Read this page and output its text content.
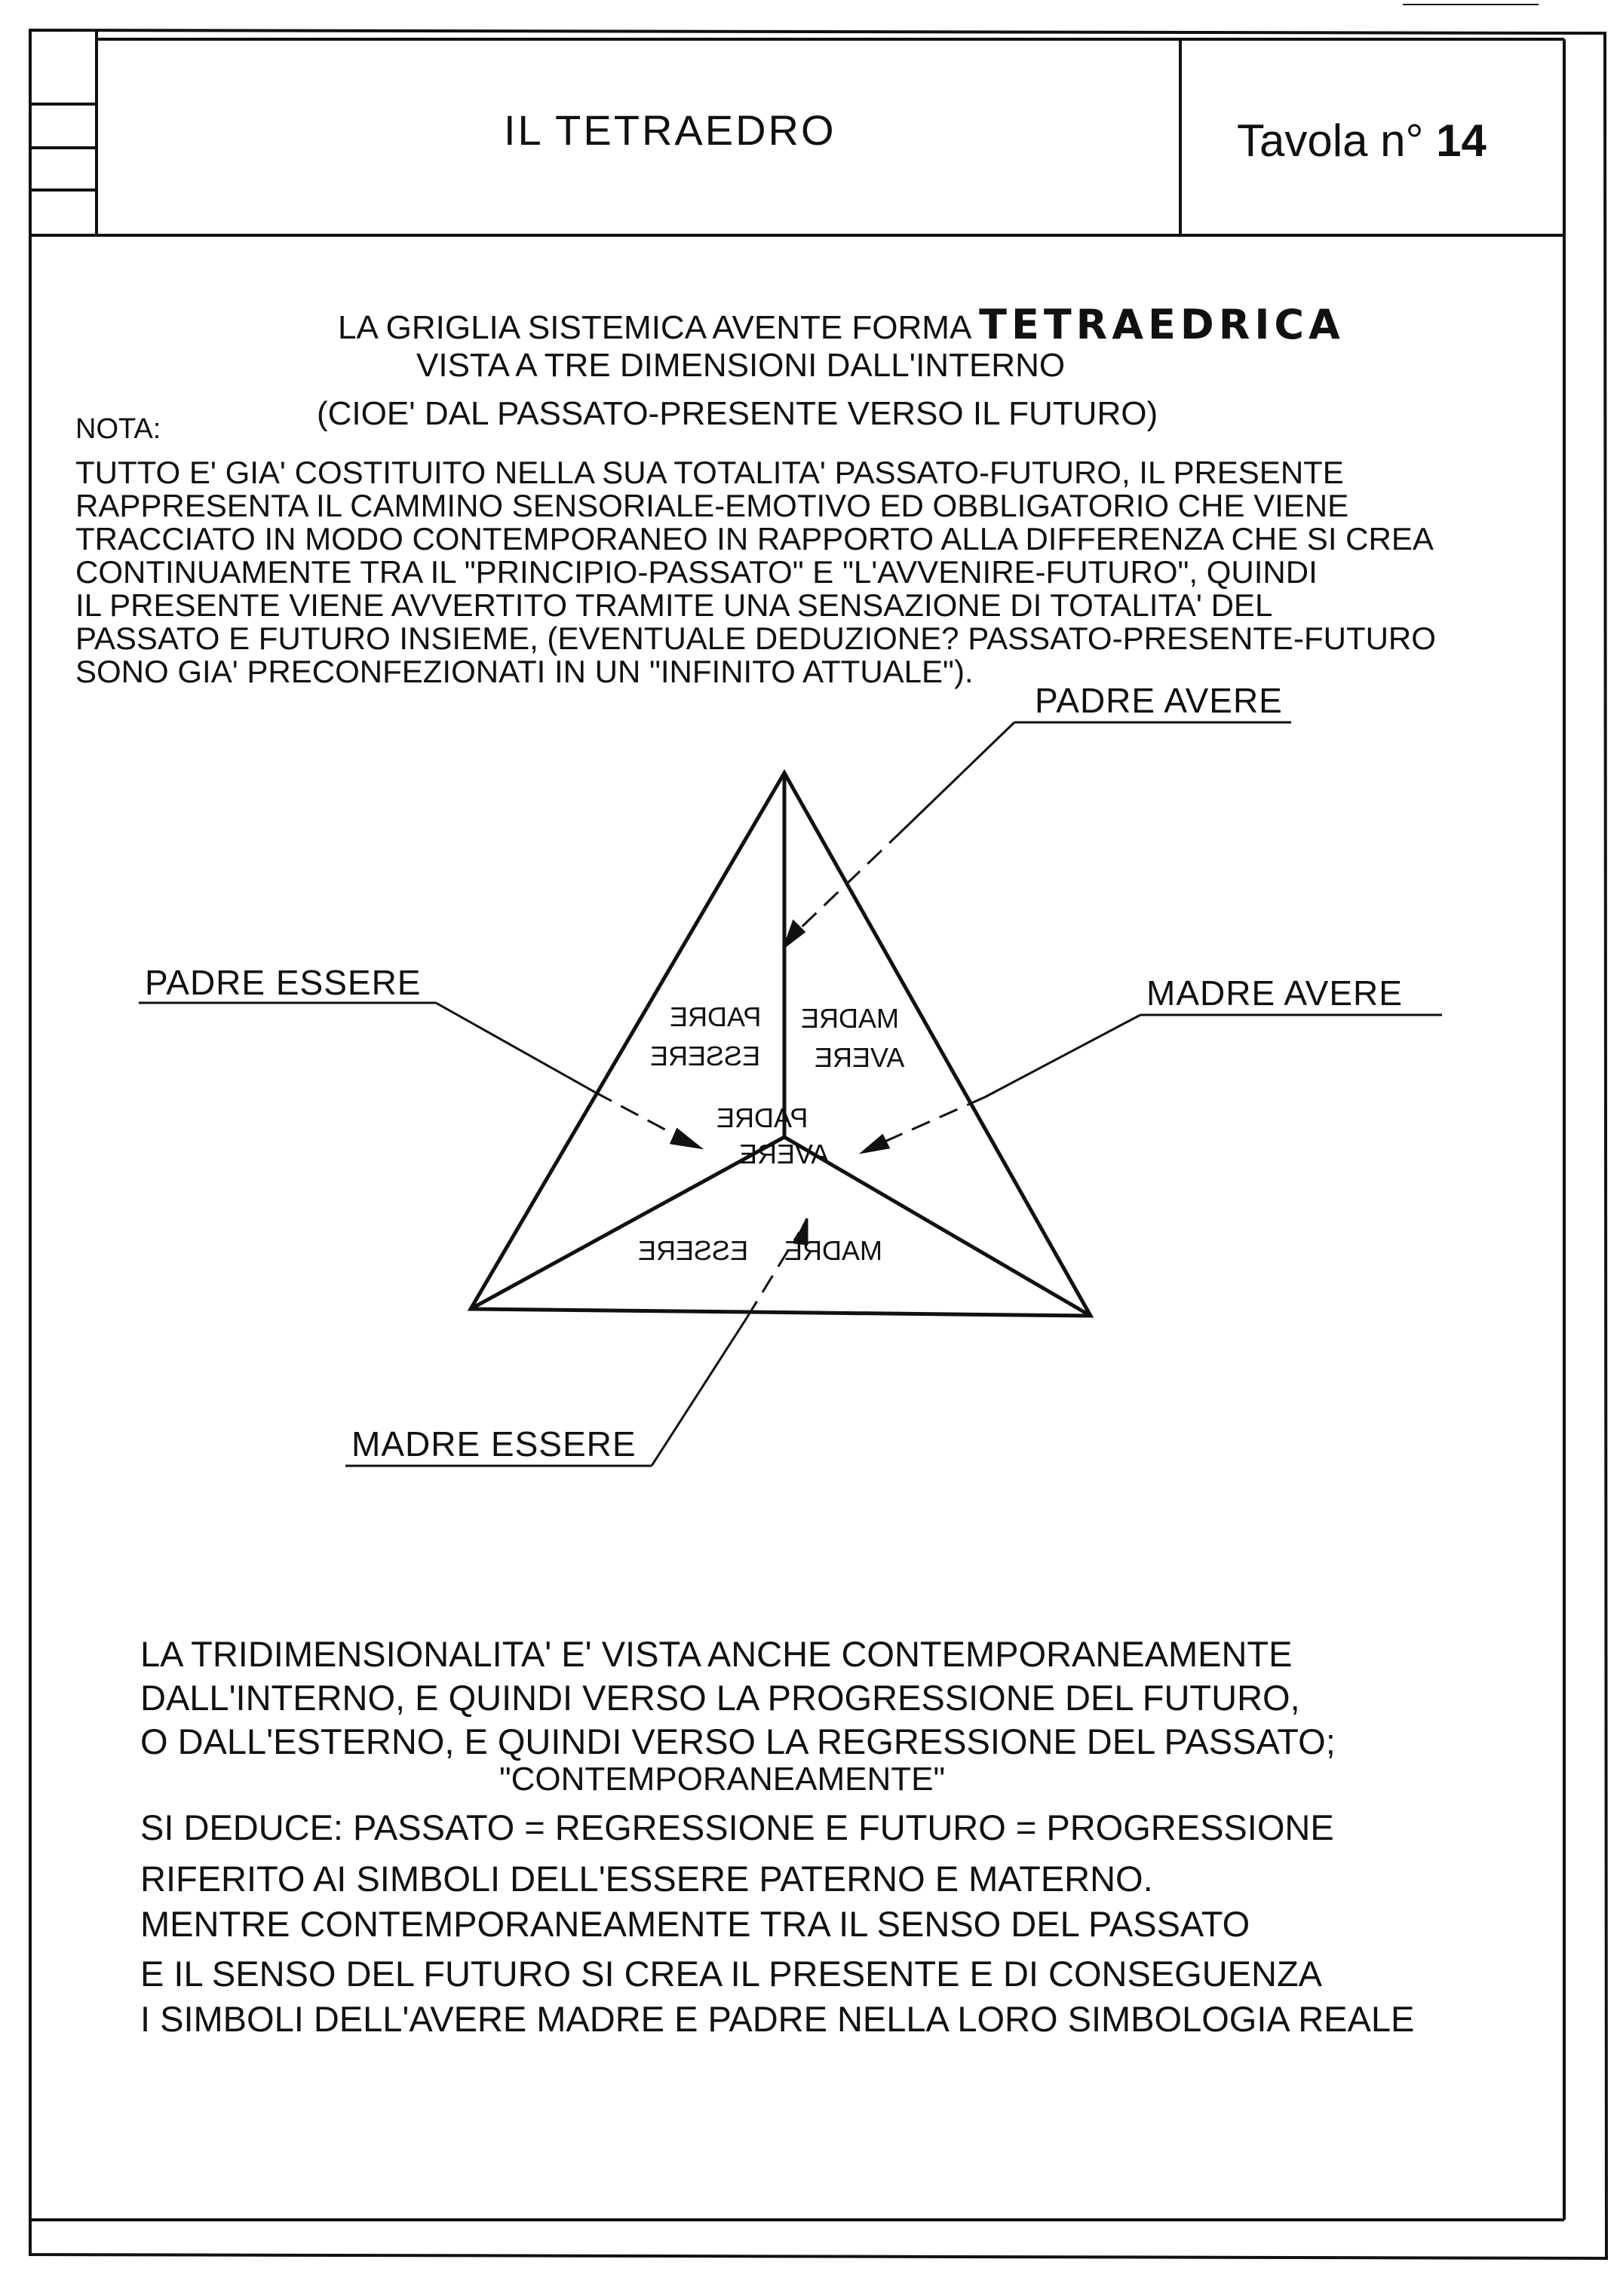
IL TETRAEDRO	Tavola n° 14
LA GRIGLIA SISTEMICA AVENTE FORMA TETRAEDRICA
VISTA A TRE DIMENSIONI DALL'INTERNO
NOTA:	(CIOE' DAL PASSATO-PRESENTE VERSO IL FUTURO)
TUTTO E' GIA' COSTITUITO NELLA SUA TOTALITA' PASSATO-FUTURO, IL PRESENTE
RAPPRESENTA IL CAMMINO SENSORIALE-EMOTIVO ED OBBLIGATORIO CHE VIENE
TRACCIATO IN MODO CONTEMPORANEO IN RAPPORTO ALLA DIFFERENZA CHE SI CREA
CONTINUAMENTE TRA IL "PRINCIPIO-PASSATO" E "L'AVVENIRE-FUTURO", QUINDI
IL PRESENTE VIENE AVVERTITO TRAMITE UNA SENSAZIONE DI TOTALITA' DEL
PASSATO E FUTURO INSIEME, (EVENTUALE DEDUZIONE? PASSATO-PRESENTE-FUTURO
SONO GIA' PRECONFEZIONATI IN UN "INFINITO ATTUALE").
PADRE AVERE
PADRE ESSERE	MADRE AVERE
MADRE ESSERE
PADRE
ESSERE
MADRE
AVERE
PADRE
AVERE
ESSERE MADRE
LA TRIDIMENSIONALITA' E' VISTA ANCHE CONTEMPORANEAMENTE
DALL'INTERNO, E QUINDI VERSO LA PROGRESSIONE DEL FUTURO,
O DALL'ESTERNO, E QUINDI VERSO LA REGRESSIONE DEL PASSATO;
"CONTEMPORANEAMENTE"
SI DEDUCE: PASSATO = REGRESSIONE E FUTURO = PROGRESSIONE
RIFERITO AI SIMBOLI DELL'ESSERE PATERNO E MATERNO.
MENTRE CONTEMPORANEAMENTE TRA IL SENSO DEL PASSATO
E IL SENSO DEL FUTURO SI CREA IL PRESENTE E DI CONSEGUENZA
I SIMBOLI DELL'AVERE MADRE E PADRE NELLA LORO SIMBOLOGIA REALE
